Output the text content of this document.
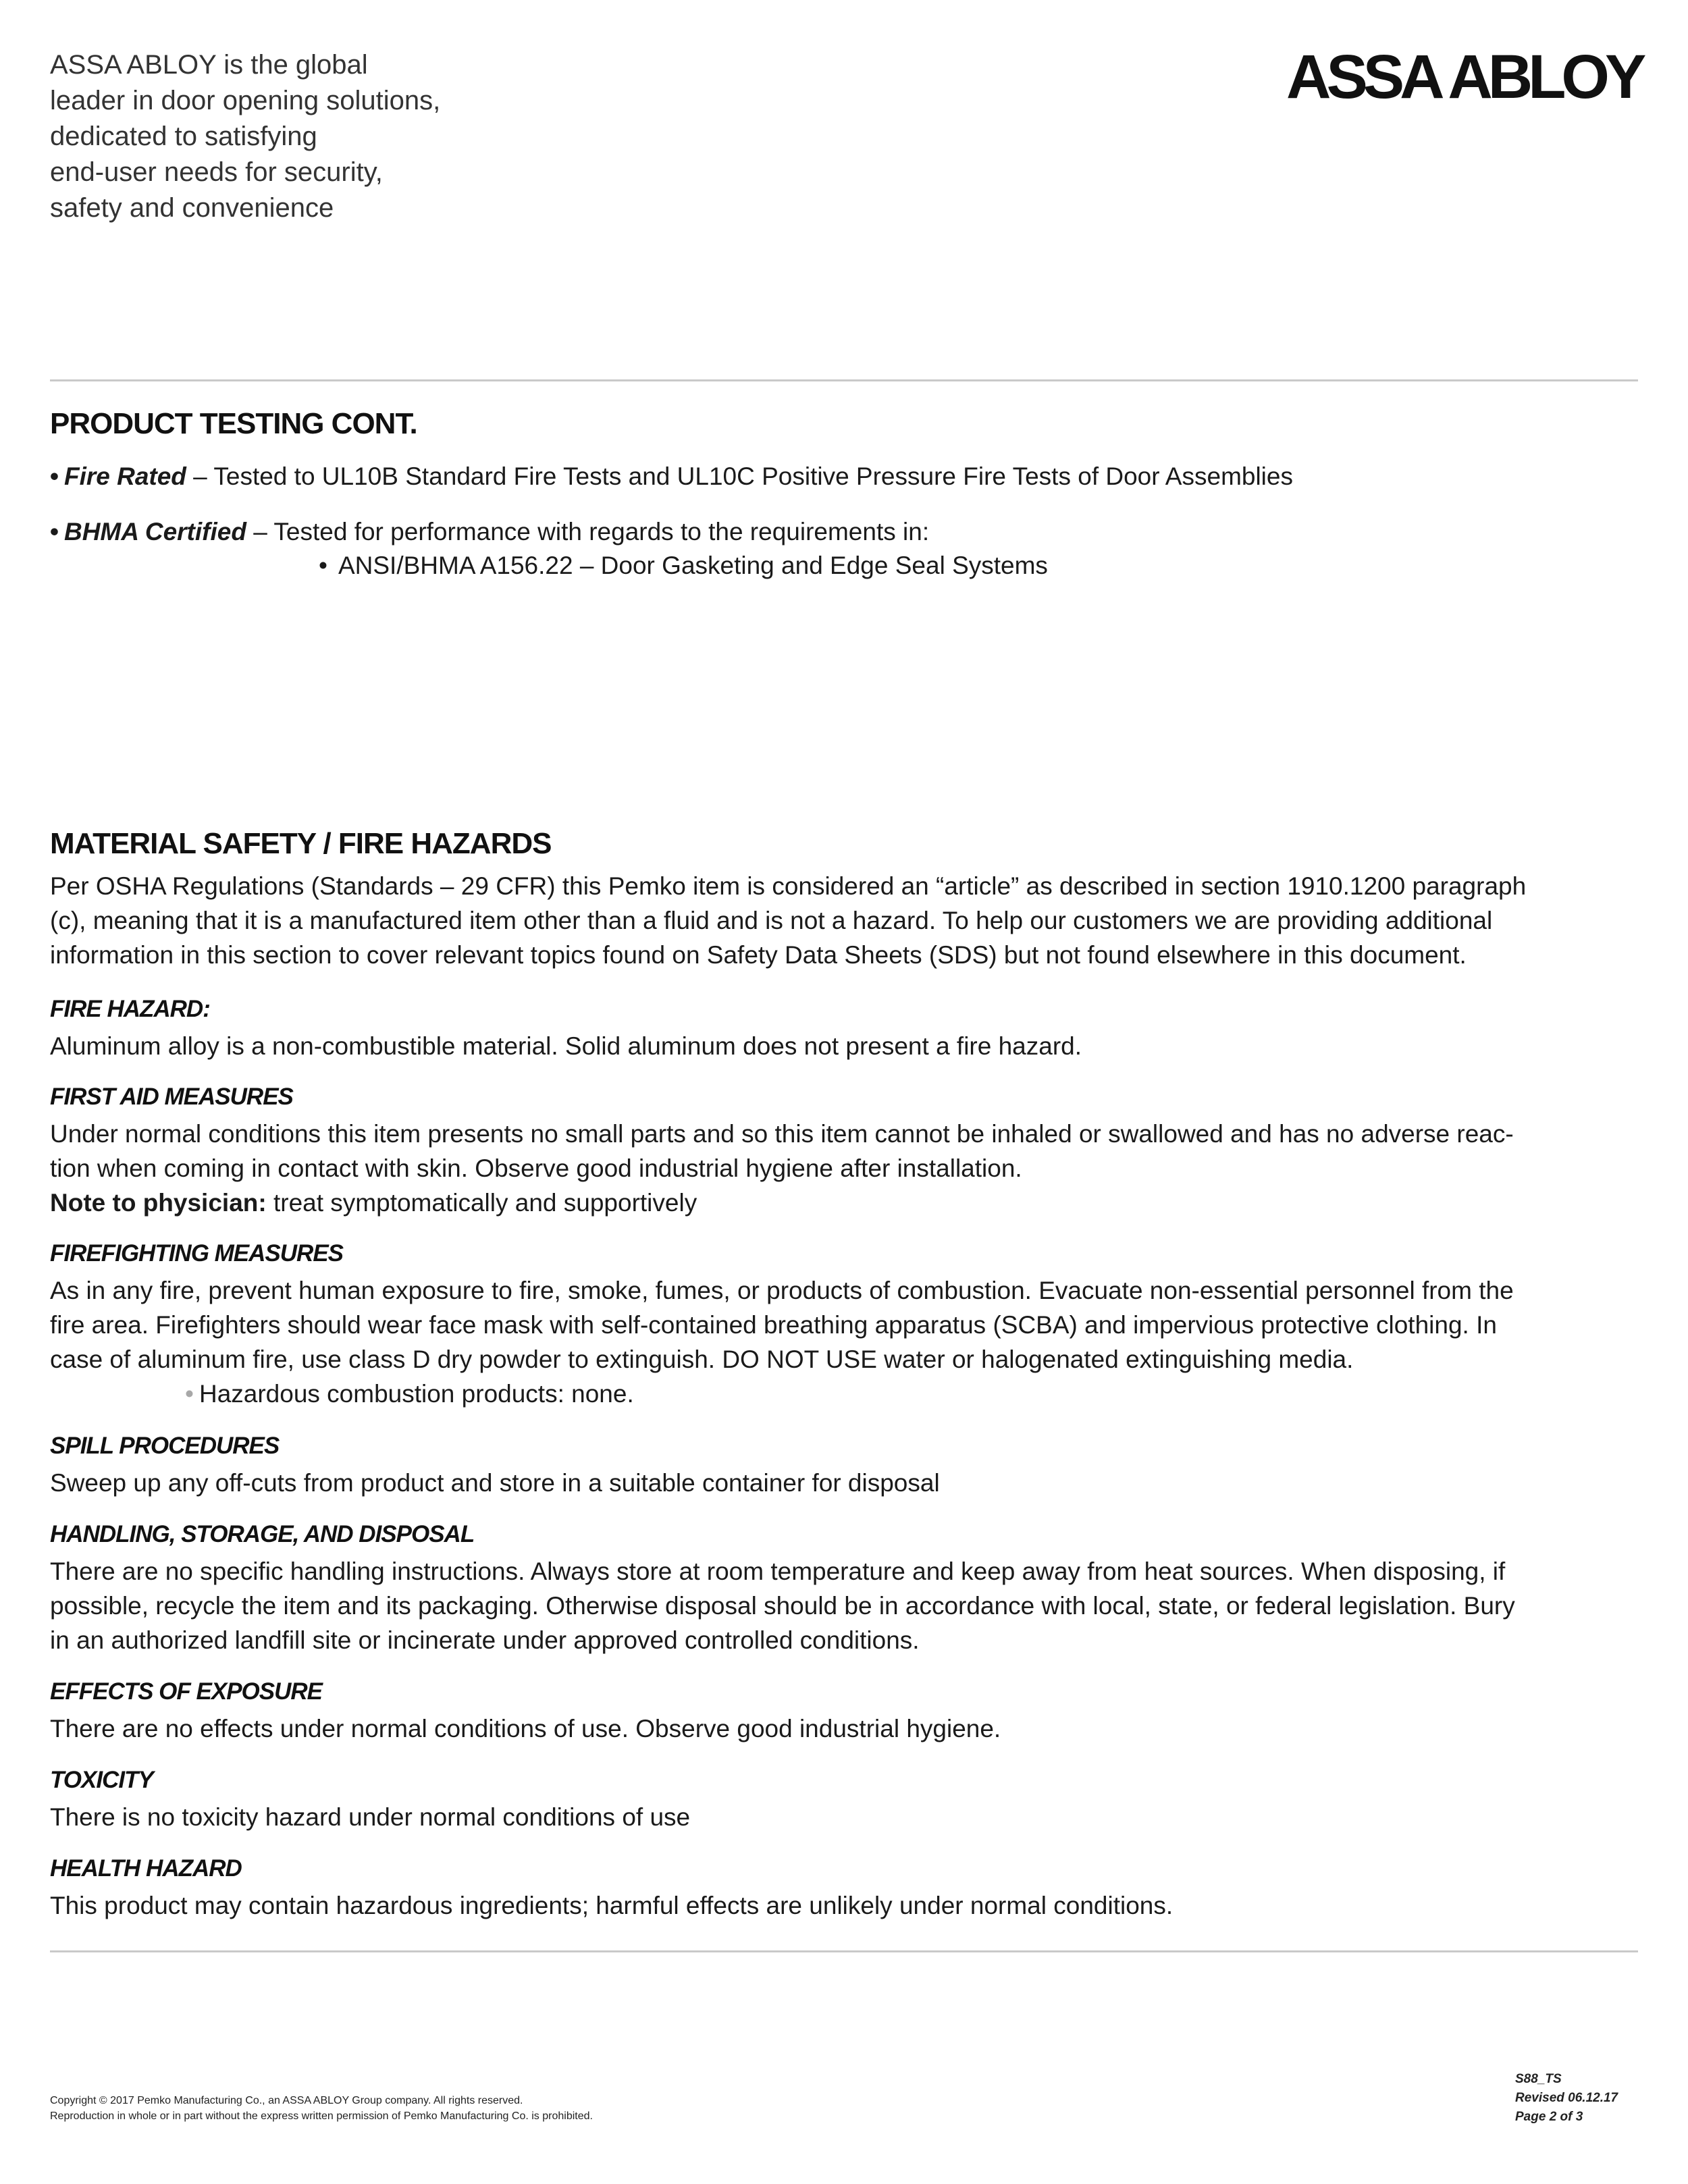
ASSA ABLOY is the global
leader in door opening solutions,
dedicated to satisfying
end-user needs for security,
safety and convenience
ASSA ABLOY
PRODUCT TESTING CONT.
• Fire Rated – Tested to UL10B Standard Fire Tests and UL10C Positive Pressure Fire Tests of Door Assemblies
• BHMA Certified – Tested for performance with regards to the requirements in:
• ANSI/BHMA A156.22 – Door Gasketing and Edge Seal Systems
MATERIAL SAFETY / FIRE HAZARDS
Per OSHA Regulations (Standards – 29 CFR) this Pemko item is considered an “article” as described in section 1910.1200 paragraph
(c), meaning that it is a manufactured item other than a fluid and is not a hazard. To help our customers we are providing additional
information in this section to cover relevant topics found on Safety Data Sheets (SDS) but not found elsewhere in this document.
FIRE HAZARD:
Aluminum alloy is a non-combustible material. Solid aluminum does not present a fire hazard.
FIRST AID MEASURES
Under normal conditions this item presents no small parts and so this item cannot be inhaled or swallowed and has no adverse reac-
tion when coming in contact with skin. Observe good industrial hygiene after installation.
Note to physician: treat symptomatically and supportively
FIREFIGHTING MEASURES
As in any fire, prevent human exposure to fire, smoke, fumes, or products of combustion. Evacuate non-essential personnel from the
fire area. Firefighters should wear face mask with self-contained breathing apparatus (SCBA) and impervious protective clothing. In
case of aluminum fire, use class D dry powder to extinguish. DO NOT USE water or halogenated extinguishing media.
• Hazardous combustion products: none.
SPILL PROCEDURES
Sweep up any off-cuts from product and store in a suitable container for disposal
HANDLING, STORAGE, AND DISPOSAL
There are no specific handling instructions. Always store at room temperature and keep away from heat sources. When disposing, if
possible, recycle the item and its packaging. Otherwise disposal should be in accordance with local, state, or federal legislation. Bury
in an authorized landfill site or incinerate under approved controlled conditions.
EFFECTS OF EXPOSURE
There are no effects under normal conditions of use. Observe good industrial hygiene.
TOXICITY
There is no toxicity hazard under normal conditions of use
HEALTH HAZARD
This product may contain hazardous ingredients; harmful effects are unlikely under normal conditions.
Copyright © 2017 Pemko Manufacturing Co., an ASSA ABLOY Group company. All rights reserved.
Reproduction in whole or in part without the express written permission of Pemko Manufacturing Co. is prohibited.
S88_TS
Revised 06.12.17
Page 2 of 3
